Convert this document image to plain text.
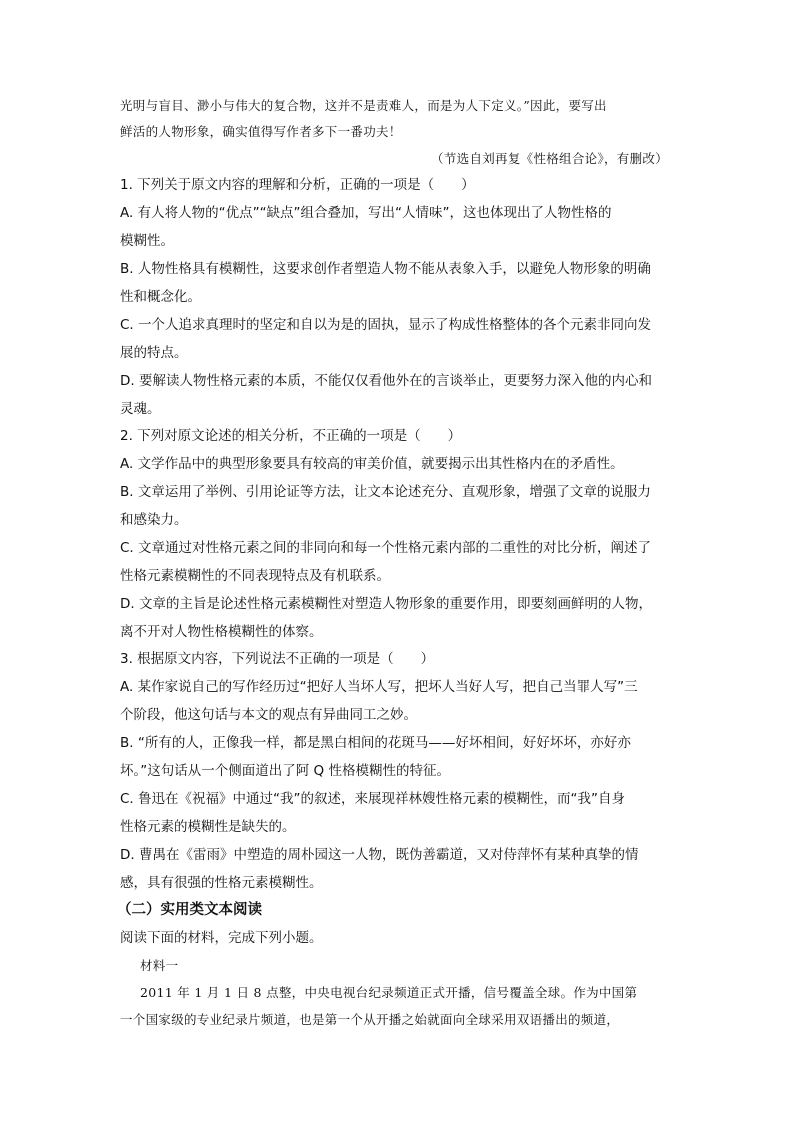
光明与盲目、渺小与伟大的复合物，这并不是责难人，而是为人下定义。”因此，要写出
鲜活的人物形象，确实值得写作者多下一番功夫！
（节选自刘再复《性格组合论》，有删改）
1. 下列关于原文内容的理解和分析，正确的一项是（　　）
A. 有人将人物的“优点”“缺点”组合叠加，写出“人情味”，这也体现出了人物性格的
模糊性。
B. 人物性格具有模糊性，这要求创作者塑造人物不能从表象入手，以避免人物形象的明确
性和概念化。
C. 一个人追求真理时的坚定和自以为是的固执，显示了构成性格整体的各个元素非同向发
展的特点。
D. 要解读人物性格元素的本质，不能仅仅看他外在的言谈举止，更要努力深入他的内心和
灵魂。
2. 下列对原文论述的相关分析，不正确的一项是（　　）
A. 文学作品中的典型形象要具有较高的审美价值，就要揭示出其性格内在的矛盾性。
B. 文章运用了举例、引用论证等方法，让文本论述充分、直观形象，增强了文章的说服力
和感染力。
C. 文章通过对性格元素之间的非同向和每一个性格元素内部的二重性的对比分析，阐述了
性格元素模糊性的不同表现特点及有机联系。
D. 文章的主旨是论述性格元素模糊性对塑造人物形象的重要作用，即要刻画鲜明的人物，
离不开对人物性格模糊性的体察。
3. 根据原文内容，下列说法不正确的一项是（　　）
A. 某作家说自己的写作经历过“把好人当坏人写，把坏人当好人写，把自己当罪人写”三
个阶段，他这句话与本文的观点有异曲同工之妙。
B. “所有的人，正像我一样，都是黑白相间的花斑马——好坏相间，好好坏坏，亦好亦
坏。”这句话从一个侧面道出了阿 Q 性格模糊性的特征。
C. 鲁迅在《祝福》中通过“我”的叙述，来展现祥林嫂性格元素的模糊性，而“我”自身
性格元素的模糊性是缺失的。
D. 曹禺在《雷雨》中塑造的周朴园这一人物，既伪善霸道，又对侍萍怀有某种真挚的情
感，具有很强的性格元素模糊性。
（二）实用类文本阅读
阅读下面的材料，完成下列小题。
材料一
2011 年 1 月 1 日 8 点整，中央电视台纪录频道正式开播，信号覆盖全球。作为中国第
一个国家级的专业纪录片频道，也是第一个从开播之始就面向全球采用双语播出的频道，
